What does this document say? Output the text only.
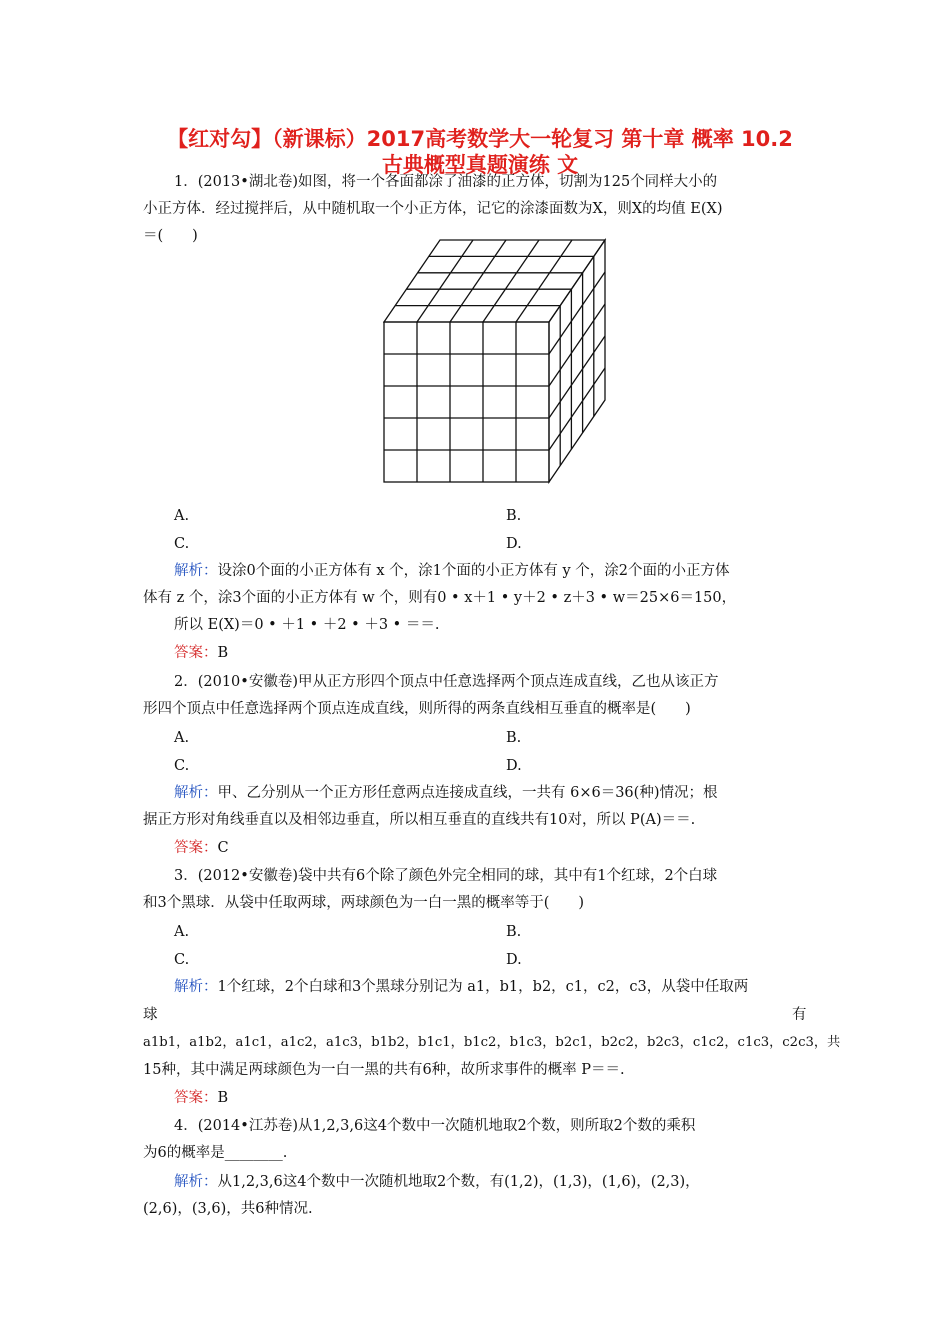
【红对勾】（新课标）2017高考数学大一轮复习 第十章 概率 10.2
古典概型真题演练 文
1．(2013•湖北卷)如图，将一个各面都涂了油漆的正方体，切割为125个同样大小的
小正方体．经过搅拌后，从中随机取一个小正方体，记它的涂漆面数为X，则X的均值 E(X)
＝(　　)
A.	B.
C.	D.
解析：设涂0个面的小正方体有 x 个，涂1个面的小正方体有 y 个，涂2个面的小正方体
体有 z 个，涂3个面的小正方体有 w 个，则有0 • x＋1 • y＋2 • z＋3 • w＝25×6＝150，
所以 E(X)＝0 • ＋1 • ＋2 • ＋3 • ＝＝.
答案：B
2．(2010•安徽卷)甲从正方形四个顶点中任意选择两个顶点连成直线，乙也从该正方
形四个顶点中任意选择两个顶点连成直线，则所得的两条直线相互垂直的概率是(　　)
A.	B.
C.	D.
解析：甲、乙分别从一个正方形任意两点连接成直线，一共有 6×6＝36(种)情况；根
据正方形对角线垂直以及相邻边垂直，所以相互垂直的直线共有10对，所以 P(A)＝＝.
答案：C
3．(2012•安徽卷)袋中共有6个除了颜色外完全相同的球，其中有1个红球，2个白球
和3个黑球．从袋中任取两球，两球颜色为一白一黑的概率等于(　　)
A.	B.
C.	D.
解析：1个红球，2个白球和3个黑球分别记为 a1，b1，b2，c1，c2，c3，从袋中任取两
球	有
a1b1，a1b2，a1c1，a1c2，a1c3，b1b2，b1c1，b1c2，b1c3，b2c1，b2c2，b2c3，c1c2，c1c3，c2c3，共
15种，其中满足两球颜色为一白一黑的共有6种，故所求事件的概率 P＝＝.
答案：B
4．(2014•江苏卷)从1,2,3,6这4个数中一次随机地取2个数，则所取2个数的乘积
为6的概率是________.
解析：从1,2,3,6这4个数中一次随机地取2个数，有(1,2)，(1,3)，(1,6)，(2,3)，
(2,6)，(3,6)，共6种情况.
